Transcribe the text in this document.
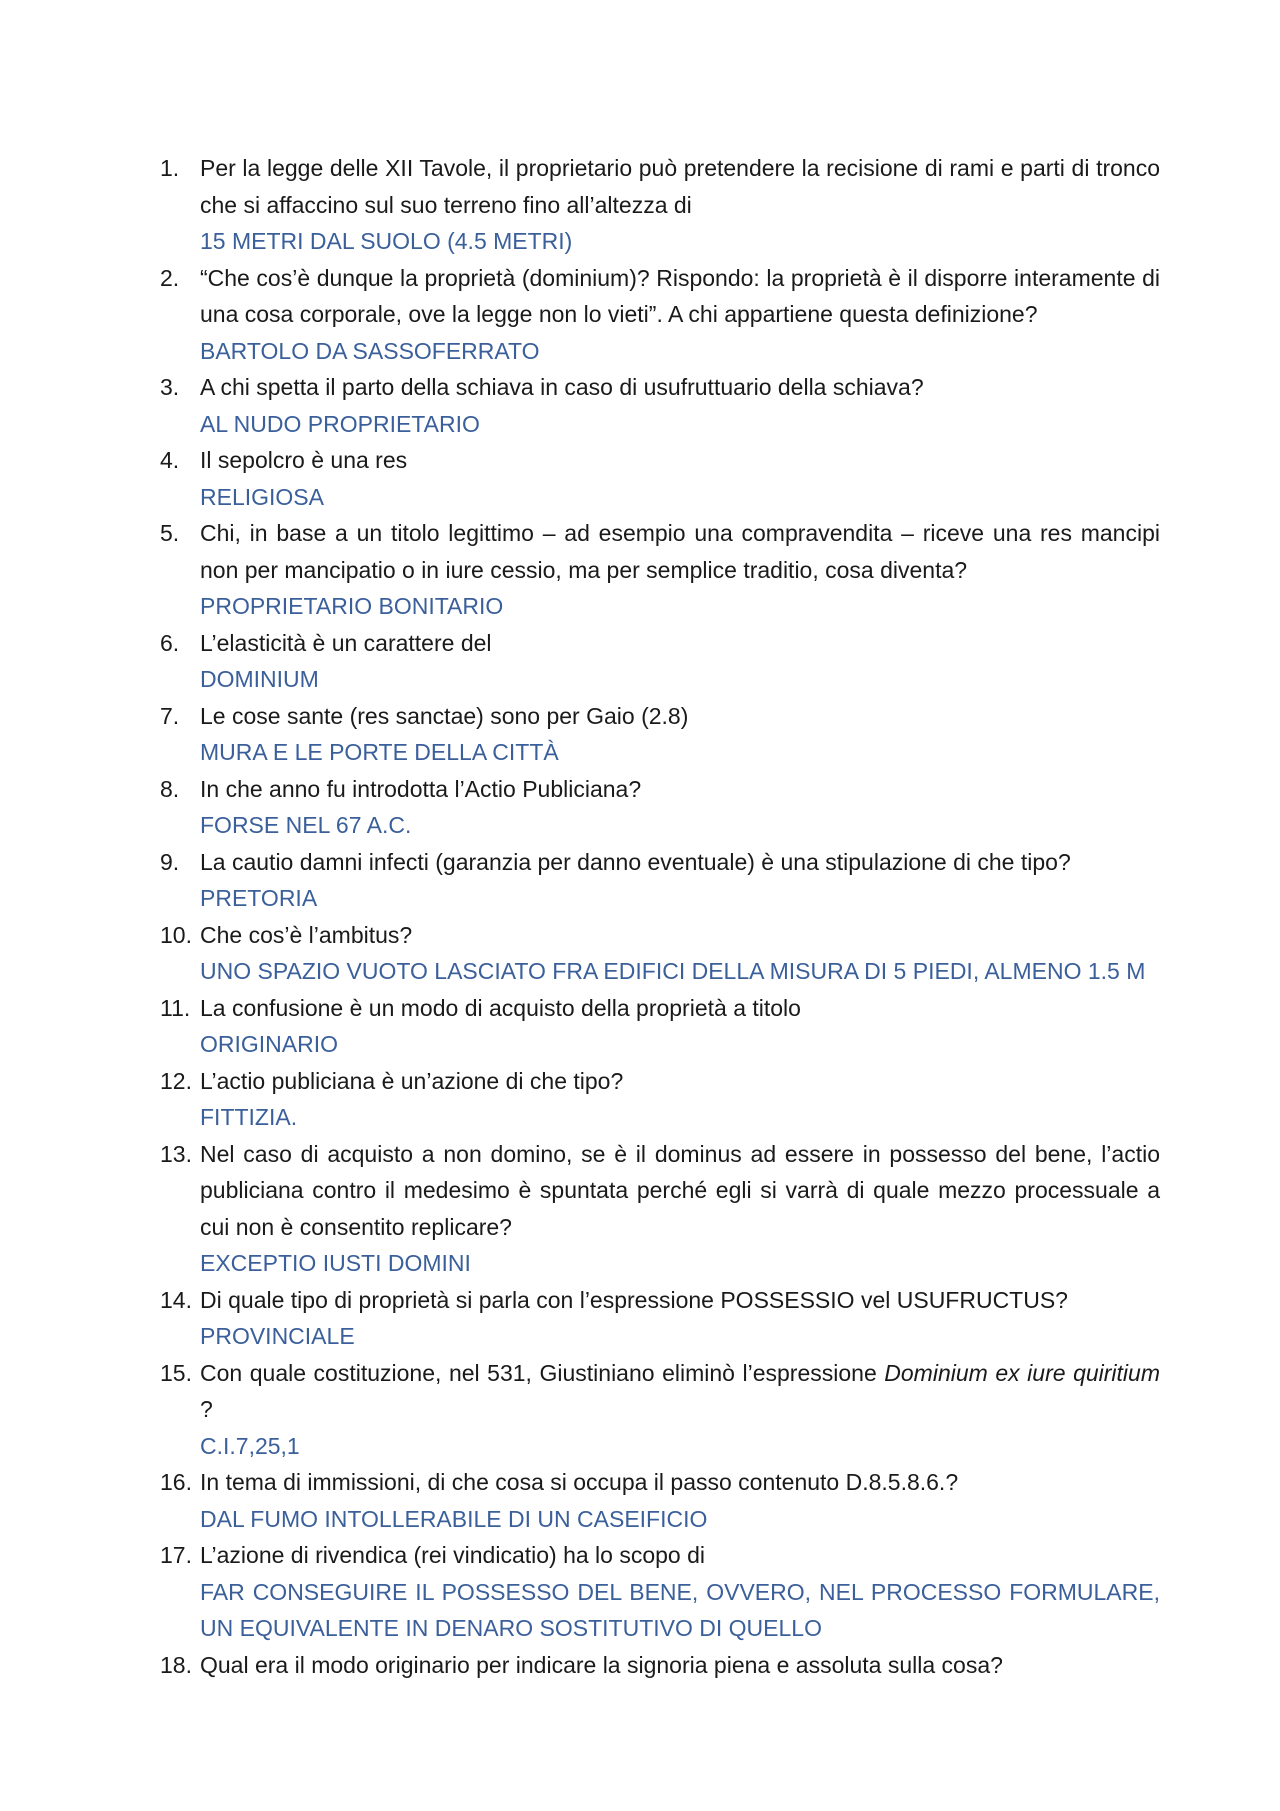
1. Per la legge delle XII Tavole, il proprietario può pretendere la recisione di rami e parti di tronco che si affaccino sul suo terreno fino all’altezza di

15 METRI DAL SUOLO (4.5 METRI)

2. “Che cos’è dunque la proprietà (dominium)? Rispondo: la proprietà è il disporre interamente di una cosa corporale, ove la legge non lo vieti”. A chi appartiene questa definizione?

BARTOLO DA SASSOFERRATO

3. A chi spetta il parto della schiava in caso di usufruttuario della schiava?

AL NUDO PROPRIETARIO

4. Il sepolcro è una res

RELIGIOSA

5. Chi, in base a un titolo legittimo – ad esempio una compravendita – riceve una res mancipi non per mancipatio o in iure cessio, ma per semplice traditio, cosa diventa?

PROPRIETARIO BONITARIO

6. L’elasticità è un carattere del

DOMINIUM

7. Le cose sante (res sanctae) sono per Gaio (2.8)

MURA E LE PORTE DELLA CITTÀ

8. In che anno fu introdotta l’Actio Publiciana?

FORSE NEL 67 A.C.

9. La cautio damni infecti (garanzia per danno eventuale) è una stipulazione di che tipo?

PRETORIA

10. Che cos’è l’ambitus?

UNO SPAZIO VUOTO LASCIATO FRA EDIFICI DELLA MISURA DI 5 PIEDI, ALMENO 1.5 M

11. La confusione è un modo di acquisto della proprietà a titolo

ORIGINARIO

12. L’actio publiciana è un’azione di che tipo?

FITTIZIA.

13. Nel caso di acquisto a non domino, se è il dominus ad essere in possesso del bene, l’actio publiciana contro il medesimo è spuntata perché egli si varrà di quale mezzo processuale a cui non è consentito replicare?

EXCEPTIO IUSTI DOMINI

14. Di quale tipo di proprietà si parla con l’espressione POSSESSIO vel USUFRUCTUS?

PROVINCIALE

15. Con quale costituzione, nel 531, Giustiniano eliminò l’espressione Dominium ex iure quiritium ?

C.I.7,25,1

16. In tema di immissioni, di che cosa si occupa il passo contenuto D.8.5.8.6.?

DAL FUMO INTOLLERABILE DI UN CASEIFICIO

17. L’azione di rivendica (rei vindicatio) ha lo scopo di

FAR CONSEGUIRE IL POSSESSO DEL BENE, OVVERO, NEL PROCESSO FORMULARE, UN EQUIVALENTE IN DENARO SOSTITUTIVO DI QUELLO

18. Qual era il modo originario per indicare la signoria piena e assoluta sulla cosa?
